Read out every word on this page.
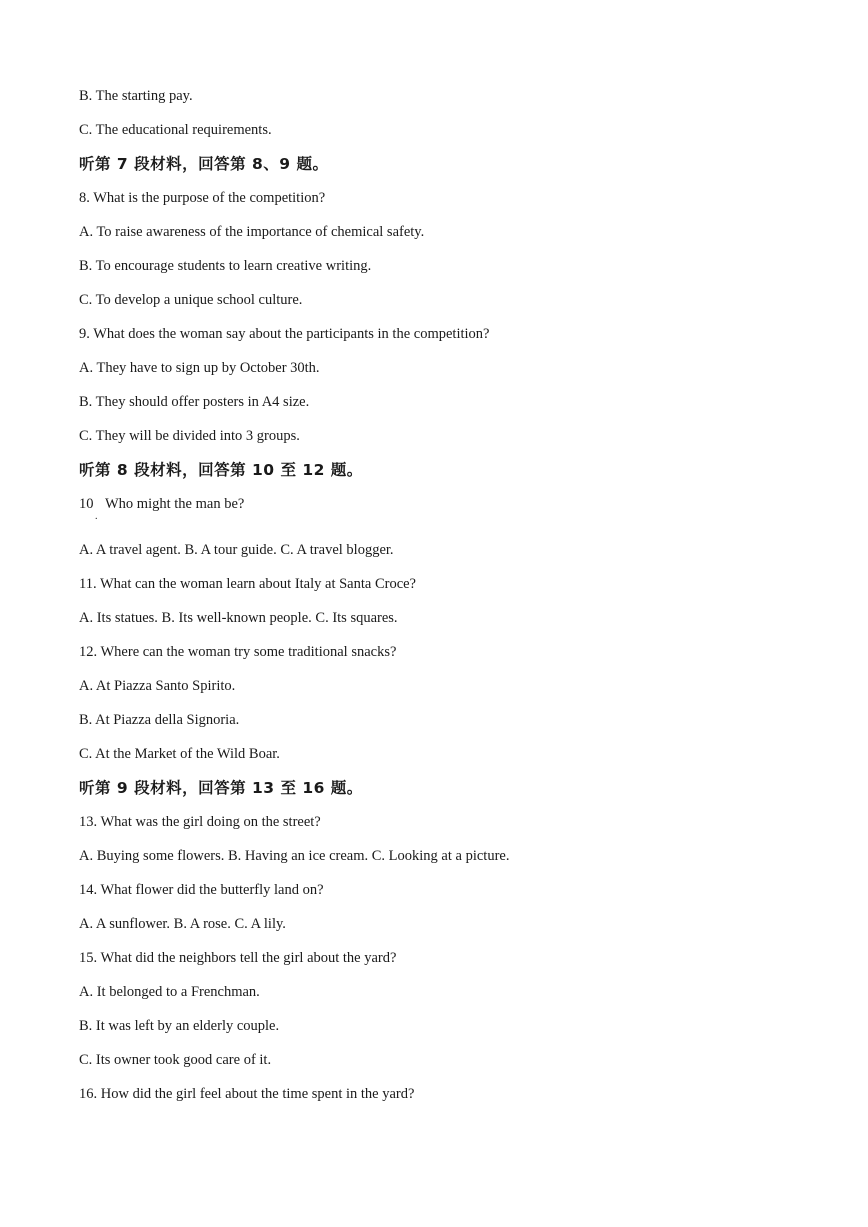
B. The starting pay.
C. The educational requirements.
听第 7 段材料，回答第 8、9 题。
8. What is the purpose of the competition?
A. To raise awareness of the importance of chemical safety.
B. To encourage students to learn creative writing.
C. To develop a unique school culture.
9. What does the woman say about the participants in the competition?
A. They have to sign up by October 30th.
B. They should offer posters in A4 size.
C. They will be divided into 3 groups.
听第 8 段材料，回答第 10 至 12 题。
10 Who might the man be?
.
A. A travel agent. B. A tour guide. C. A travel blogger.
11. What can the woman learn about Italy at Santa Croce?
A. Its statues. B. Its well-known people. C. Its squares.
12. Where can the woman try some traditional snacks?
A. At Piazza Santo Spirito.
B. At Piazza della Signoria.
C. At the Market of the Wild Boar.
听第 9 段材料，回答第 13 至 16 题。
13. What was the girl doing on the street?
A. Buying some flowers. B. Having an ice cream. C. Looking at a picture.
14. What flower did the butterfly land on?
A. A sunflower. B. A rose. C. A lily.
15. What did the neighbors tell the girl about the yard?
A. It belonged to a Frenchman.
B. It was left by an elderly couple.
C. Its owner took good care of it.
16. How did the girl feel about the time spent in the yard?
